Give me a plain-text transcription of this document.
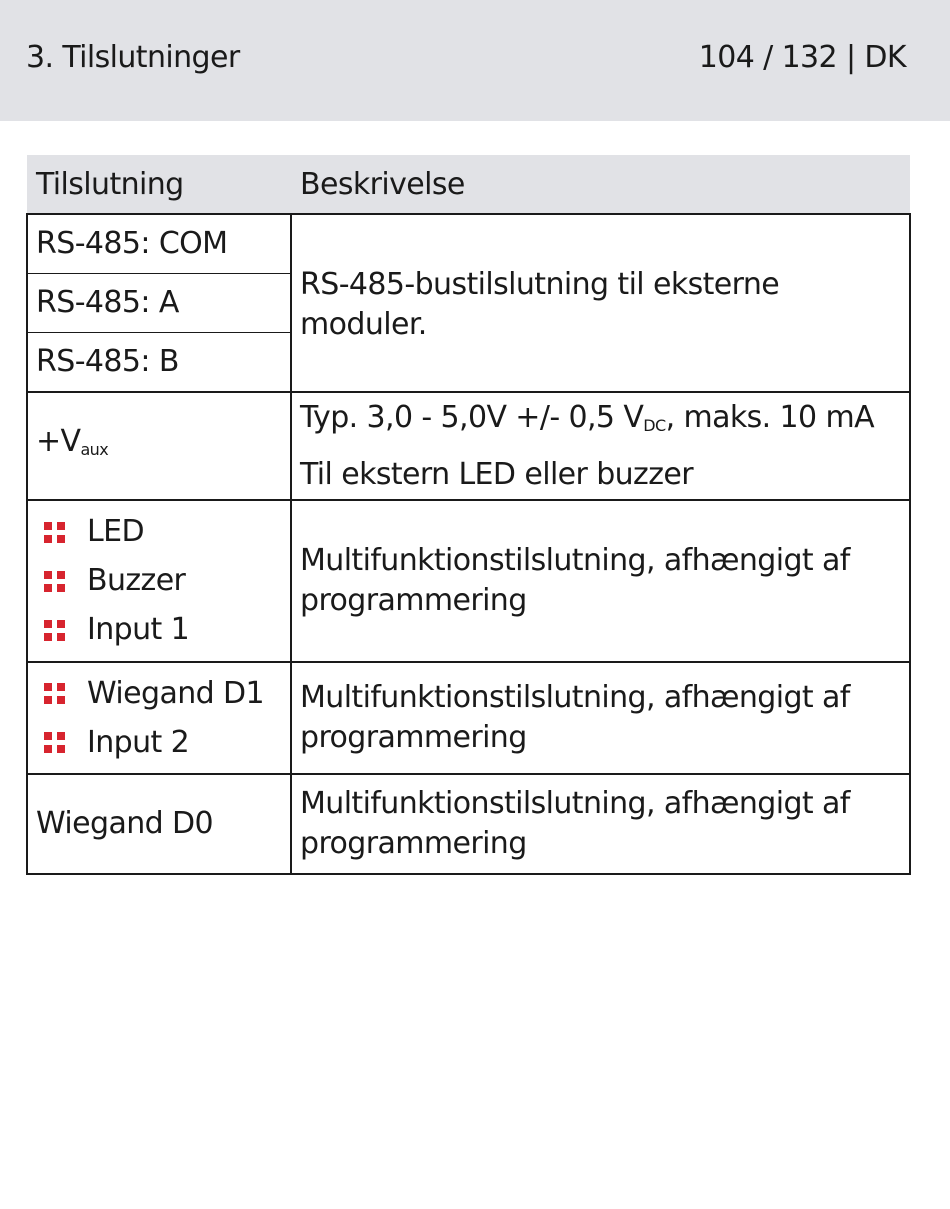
3. Tilslutninger	104 / 132 | DK
Tilslutning	Beskrivelse
RS-485: COM	RS-485-bustilslutning til eksterne moduler.
RS-485: A	
RS-485: B	
$+V_{aux}$	Typ. 3,0 - 5,0V +/- 0,5 $V_{DC}$, maks. 10 mA
Til ekstern LED eller buzzer

LED
Buzzer
Input 1	Multifunktionstilslutning, afhængigt af programmering

Wiegand D1
Input 2	Multifunktionstilslutning, afhængigt af programmering
Wiegand D0	Multifunktionstilslutning, afhængigt af programmering
